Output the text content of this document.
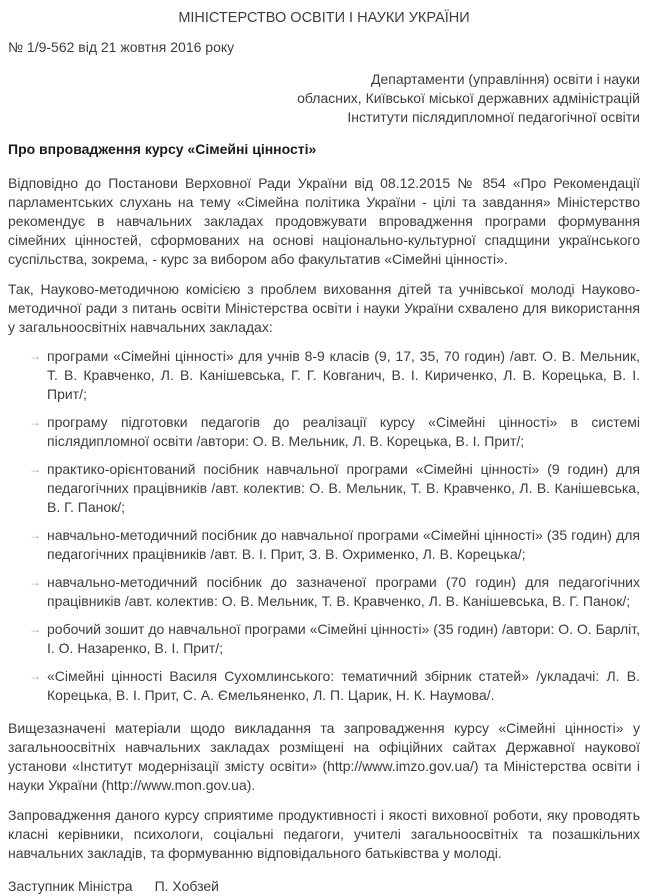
МІНІСТЕРСТВО ОСВІТИ І НАУКИ УКРАЇНИ
№ 1/9-562 від 21 жовтня 2016 року
Департаменти (управління) освіти і науки
обласних, Київської міської державних адміністрацій
Інститути післядипломної педагогічної освіти
Про впровадження курсу «Сімейні цінності»

Відповідно до Постанови Верховної Ради України від 08.12.2015 № 854 «Про Рекомендації парламентських слухань на тему «Сімейна політика України - цілі та завдання» Міністерство рекомендує в навчальних закладах продовжувати впровадження програми формування сімейних цінностей, сформованих на основі національно-культурної спадщини українського суспільства, зокрема, - курс за вибором або факультатив «Сімейні цінності».

Так, Науково-методичною комісією з проблем виховання дітей та учнівської молоді Науково-методичної ради з питань освіти Міністерства освіти і науки України схвалено для використання у загальноосвітніх навчальних закладах:

→ програми «Сімейні цінності» для учнів 8-9 класів (9, 17, 35, 70 годин) /авт. О. В. Мельник, Т. В. Кравченко, Л. В. Канішевська, Г. Г. Ковганич, В. І. Кириченко, Л. В. Корецька, В. І. Прит/;
→ програму підготовки педагогів до реалізації курсу «Сімейні цінності» в системі післядипломної освіти /автори: О. В. Мельник, Л. В. Корецька, В. І. Прит/;
→ практико-орієнтований посібник навчальної програми «Сімейні цінності» (9 годин) для педагогічних працівників /авт. колектив: О. В. Мельник, Т. В. Кравченко, Л. В. Канішевська, В. Г. Панок/;
→ навчально-методичний посібник до навчальної програми «Сімейні цінності» (35 годин) для педагогічних працівників /авт. В. І. Прит, З. В. Охрименко, Л. В. Корецька/;
→ навчально-методичний посібник до зазначеної програми (70 годин) для педагогічних працівників /авт. колектив: О. В. Мельник, Т. В. Кравченко, Л. В. Канішевська, В. Г. Панок/;
→ робочий зошит до навчальної програми «Сімейні цінності» (35 годин) /автори: О. О. Барліт, І. О. Назаренко, В. І. Прит/;
→ «Сімейні цінності Василя Сухомлинського: тематичний збірник статей» /укладачі: Л. В. Корецька, В. І. Прит, С. А. Ємельяненко, Л. П. Царик, Н. К. Наумова/.

Вищезазначені матеріали щодо викладання та запровадження курсу «Сімейні цінності» у загальноосвітніх навчальних закладах розміщені на офіційних сайтах Державної наукової установи «Інститут модернізації змісту освіти» (http://www.imzo.gov.ua/) та Міністерства освіти і науки України (http://www.mon.gov.ua).

Запровадження даного курсу сприятиме продуктивності і якості виховної роботи, яку проводять класні керівники, психологи, соціальні педагоги, учителі загальноосвітніх та позашкільних навчальних закладів, та формуванню відповідального батьківства у молоді.

Заступник Міністра П. Хобзей
